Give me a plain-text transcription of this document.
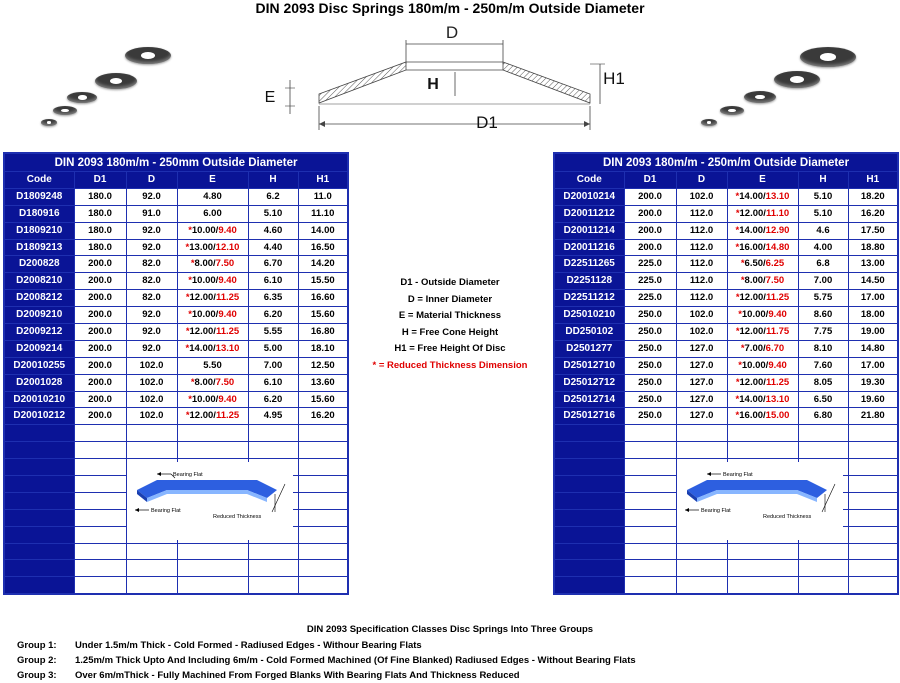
DIN 2093 Disc Springs 180m/m - 250m/m Outside Diameter
D
H	H1
E
D1
DIN 2093 180m/m - 250mm Outside Diameter					
Code	D1	D	E	H	H1
D1809248	180.0	92.0	4.80	6.2	11.0
D180916	180.0	91.0	6.00	5.10	11.10
D1809210	180.0	92.0	*10.00/9.40	4.60	14.00
D1809213	180.0	92.0	*13.00/12.10	4.40	16.50
D200828	200.0	82.0	*8.00/7.50	6.70	14.20
D2008210	200.0	82.0	*10.00/9.40	6.10	15.50
D2008212	200.0	82.0	*12.00/11.25	6.35	16.60
D2009210	200.0	92.0	*10.00/9.40	6.20	15.60
D2009212	200.0	92.0	*12.00/11.25	5.55	16.80
D2009214	200.0	92.0	*14.00/13.10	5.00	18.10
D20010255	200.0	102.0	5.50	7.00	12.50
D2001028	200.0	102.0	*8.00/7.50	6.10	13.60
D20010210	200.0	102.0	*10.00/9.40	6.20	15.60
D20010212	200.0	102.0	*12.00/11.25	4.95	16.20

DIN 2093 180m/m - 250m/m Outside Diameter					
Code	D1	D	E	H	H1
D20010214	200.0	102.0	*14.00/13.10	5.10	18.20
D20011212	200.0	112.0	*12.00/11.10	5.10	16.20
D20011214	200.0	112.0	*14.00/12.90	4.6	17.50
D20011216	200.0	112.0	*16.00/14.80	4.00	18.80
D22511265	225.0	112.0	*6.50/6.25	6.8	13.00
D2251128	225.0	112.0	*8.00/7.50	7.00	14.50
D22511212	225.0	112.0	*12.00/11.25	5.75	17.00
D25010210	250.0	102.0	*10.00/9.40	8.60	18.00
DD250102	250.0	102.0	*12.00/11.75	7.75	19.00
D2501277	250.0	127.0	*7.00/6.70	8.10	14.80
D25012710	250.0	127.0	*10.00/9.40	7.60	17.00
D25012712	250.0	127.0	*12.00/11.25	8.05	19.30
D25012714	250.0	127.0	*14.00/13.10	6.50	19.60
D25012716	250.0	127.0	*16.00/15.00	6.80	21.80

Bearing Flat
Bearing Flat
Reduced Thickness
Bearing Flat
Bearing Flat
Reduced Thickness
D1 - Outside Diameter
D = Inner Diameter
E = Material Thickness
H = Free Cone Height
H1 = Free Height Of Disc
* = Reduced Thickness Dimension
DIN 2093 Specification Classes Disc Springs Into Three Groups
Group 1: Under 1.5m/m Thick - Cold Formed - Radiused Edges - Withour Bearing Flats
Group 2: 1.25m/m Thick Upto And Including 6m/m - Cold Formed Machined (Of Fine Blanked) Radiused Edges - Without Bearing Flats
Group 3: Over 6m/mThick - Fully Machined From Forged Blanks With Bearing Flats And Thickness Reduced
